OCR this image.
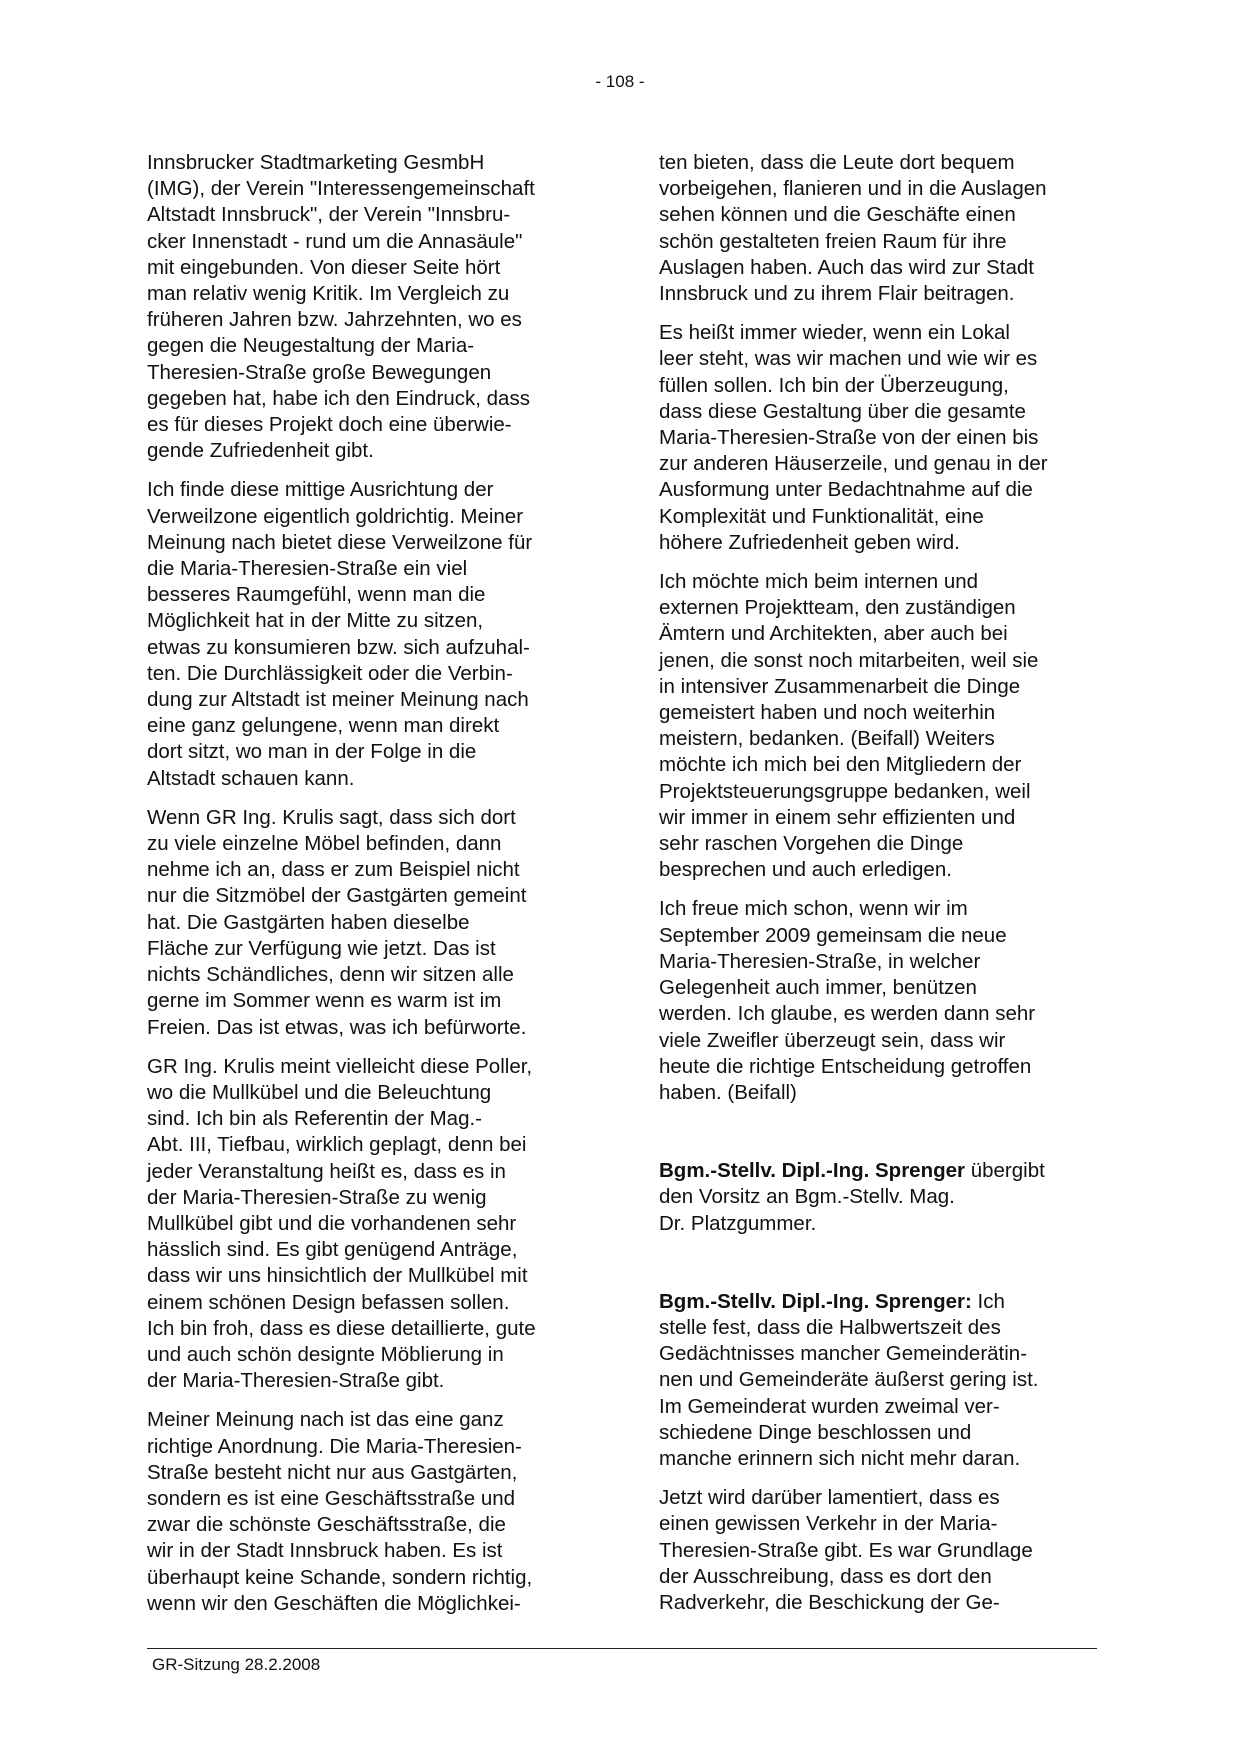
- 108 -

Innsbrucker Stadtmarketing GesmbH
(IMG), der Verein "Interessengemeinschaft
Altstadt Innsbruck", der Verein "Innsbru-
cker Innenstadt - rund um die Annasäule"
mit eingebunden. Von dieser Seite hört
man relativ wenig Kritik. Im Vergleich zu
früheren Jahren bzw. Jahrzehnten, wo es
gegen die Neugestaltung der Maria-
Theresien-Straße große Bewegungen
gegeben hat, habe ich den Eindruck, dass
es für dieses Projekt doch eine überwie-
gende Zufriedenheit gibt.

Ich finde diese mittige Ausrichtung der
Verweilzone eigentlich goldrichtig. Meiner
Meinung nach bietet diese Verweilzone für
die Maria-Theresien-Straße ein viel
besseres Raumgefühl, wenn man die
Möglichkeit hat in der Mitte zu sitzen,
etwas zu konsumieren bzw. sich aufzuhal-
ten. Die Durchlässigkeit oder die Verbin-
dung zur Altstadt ist meiner Meinung nach
eine ganz gelungene, wenn man direkt
dort sitzt, wo man in der Folge in die
Altstadt schauen kann.

Wenn GR Ing. Krulis sagt, dass sich dort
zu viele einzelne Möbel befinden, dann
nehme ich an, dass er zum Beispiel nicht
nur die Sitzmöbel der Gastgärten gemeint
hat. Die Gastgärten haben dieselbe
Fläche zur Verfügung wie jetzt. Das ist
nichts Schändliches, denn wir sitzen alle
gerne im Sommer wenn es warm ist im
Freien. Das ist etwas, was ich befürworte.

GR Ing. Krulis meint vielleicht diese Poller,
wo die Mullkübel und die Beleuchtung
sind. Ich bin als Referentin der Mag.-
Abt. III, Tiefbau, wirklich geplagt, denn bei
jeder Veranstaltung heißt es, dass es in
der Maria-Theresien-Straße zu wenig
Mullkübel gibt und die vorhandenen sehr
hässlich sind. Es gibt genügend Anträge,
dass wir uns hinsichtlich der Mullkübel mit
einem schönen Design befassen sollen.
Ich bin froh, dass es diese detaillierte, gute
und auch schön designte Möblierung in
der Maria-Theresien-Straße gibt.

Meiner Meinung nach ist das eine ganz
richtige Anordnung. Die Maria-Theresien-
Straße besteht nicht nur aus Gastgärten,
sondern es ist eine Geschäftsstraße und
zwar die schönste Geschäftsstraße, die
wir in der Stadt Innsbruck haben. Es ist
überhaupt keine Schande, sondern richtig,
wenn wir den Geschäften die Möglichkei-

ten bieten, dass die Leute dort bequem
vorbeigehen, flanieren und in die Auslagen
sehen können und die Geschäfte einen
schön gestalteten freien Raum für ihre
Auslagen haben. Auch das wird zur Stadt
Innsbruck und zu ihrem Flair beitragen.

Es heißt immer wieder, wenn ein Lokal
leer steht, was wir machen und wie wir es
füllen sollen. Ich bin der Überzeugung,
dass diese Gestaltung über die gesamte
Maria-Theresien-Straße von der einen bis
zur anderen Häuserzeile, und genau in der
Ausformung unter Bedachtnahme auf die
Komplexität und Funktionalität, eine
höhere Zufriedenheit geben wird.

Ich möchte mich beim internen und
externen Projektteam, den zuständigen
Ämtern und Architekten, aber auch bei
jenen, die sonst noch mitarbeiten, weil sie
in intensiver Zusammenarbeit die Dinge
gemeistert haben und noch weiterhin
meistern, bedanken. (Beifall) Weiters
möchte ich mich bei den Mitgliedern der
Projektsteuerungsgruppe bedanken, weil
wir immer in einem sehr effizienten und
sehr raschen Vorgehen die Dinge
besprechen und auch erledigen.

Ich freue mich schon, wenn wir im
September 2009 gemeinsam die neue
Maria-Theresien-Straße, in welcher
Gelegenheit auch immer, benützen
werden. Ich glaube, es werden dann sehr
viele Zweifler überzeugt sein, dass wir
heute die richtige Entscheidung getroffen
haben. (Beifall)

Bgm.-Stellv. Dipl.-Ing. Sprenger übergibt
den Vorsitz an Bgm.-Stellv. Mag.
Dr. Platzgummer.

Bgm.-Stellv. Dipl.-Ing. Sprenger: Ich
stelle fest, dass die Halbwertszeit des
Gedächtnisses mancher Gemeinderätin-
nen und Gemeinderäte äußerst gering ist.
Im Gemeinderat wurden zweimal ver-
schiedene Dinge beschlossen und
manche erinnern sich nicht mehr daran.

Jetzt wird darüber lamentiert, dass es
einen gewissen Verkehr in der Maria-
Theresien-Straße gibt. Es war Grundlage
der Ausschreibung, dass es dort den
Radverkehr, die Beschickung der Ge-

GR-Sitzung 28.2.2008
